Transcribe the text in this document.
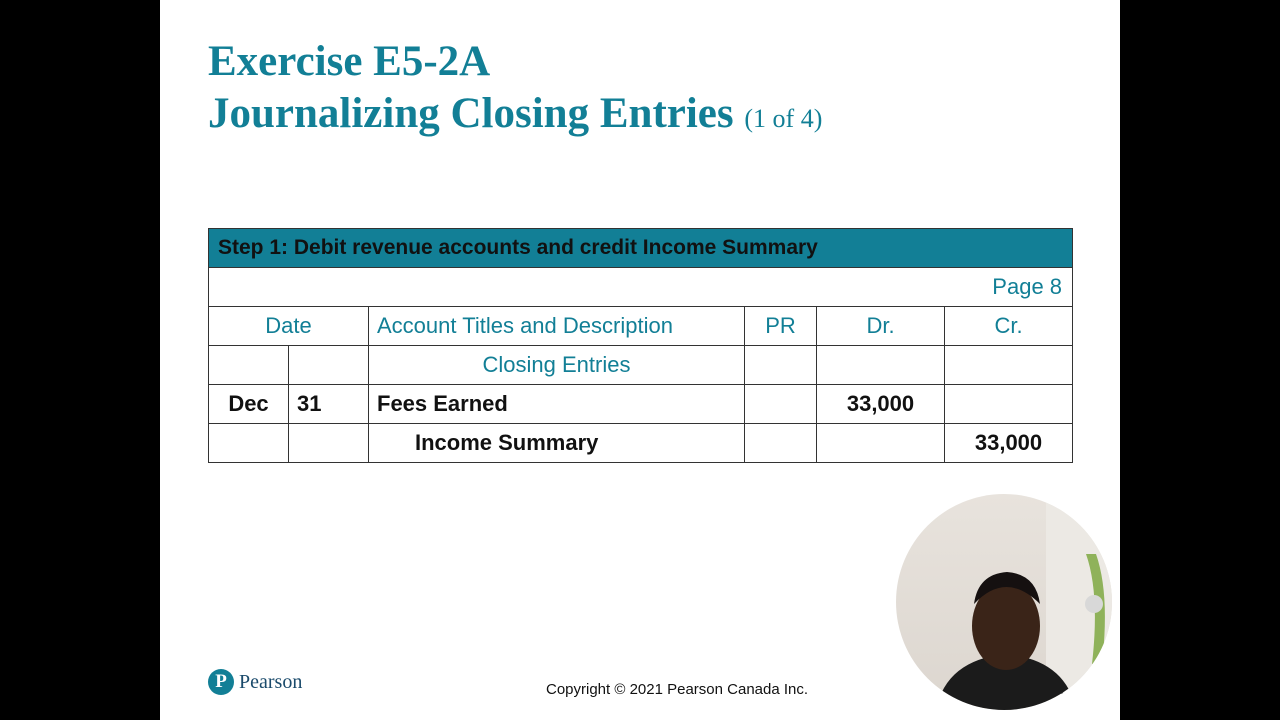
Exercise E5-2A
Journalizing Closing Entries (1 of 4)
Step 1: Debit revenue accounts and credit Income Summary					
Page 8					
Date		Account Titles and Description	PR	Dr.	Cr.
		Closing Entries			
Dec	31	Fees Earned		33,000	
		Income Summary			33,000
P Pearson	Copyright © 2021 Pearson Canada Inc.
